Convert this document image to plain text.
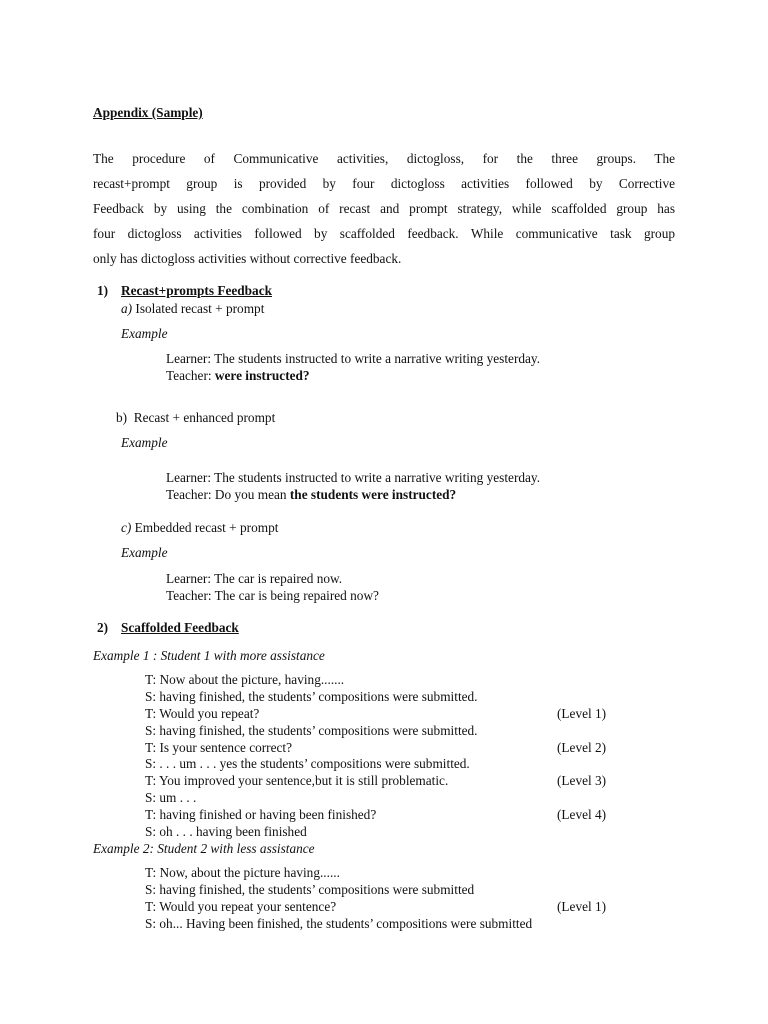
Appendix (Sample)
The procedure of Communicative activities, dictogloss, for the three groups. The
recast+prompt group is provided by four dictogloss activities followed by Corrective
Feedback by using the combination of recast and prompt strategy, while scaffolded group has
four dictogloss activities followed by scaffolded feedback. While communicative task group
only has dictogloss activities without corrective feedback.
1) Recast+prompts Feedback
a) Isolated recast + prompt
Example
Learner: The students instructed to write a narrative writing yesterday.
Teacher: were instructed?
b) Recast + enhanced prompt
Example
Learner: The students instructed to write a narrative writing yesterday.
Teacher: Do you mean the students were instructed?
c) Embedded recast + prompt
Example
Learner: The car is repaired now.
Teacher: The car is being repaired now?
2) Scaffolded Feedback
Example 1 : Student 1 with more assistance
T: Now about the picture, having.......
S: having finished, the students’ compositions were submitted.
T: Would you repeat?
S: having finished, the students’ compositions were submitted.
T: Is your sentence correct?
S: . . . um . . . yes the students’ compositions were submitted.
T: You improved your sentence,but it is still problematic.
S: um . . .
T: having finished or having been finished?
S: oh . . . having been finished
(Level 1)
(Level 2)
(Level 3)
(Level 4)
Example 2: Student 2 with less assistance
T: Now, about the picture having......
S: having finished, the students’ compositions were submitted
T: Would you repeat your sentence?
S: oh... Having been finished, the students’ compositions were submitted
(Level 1)
